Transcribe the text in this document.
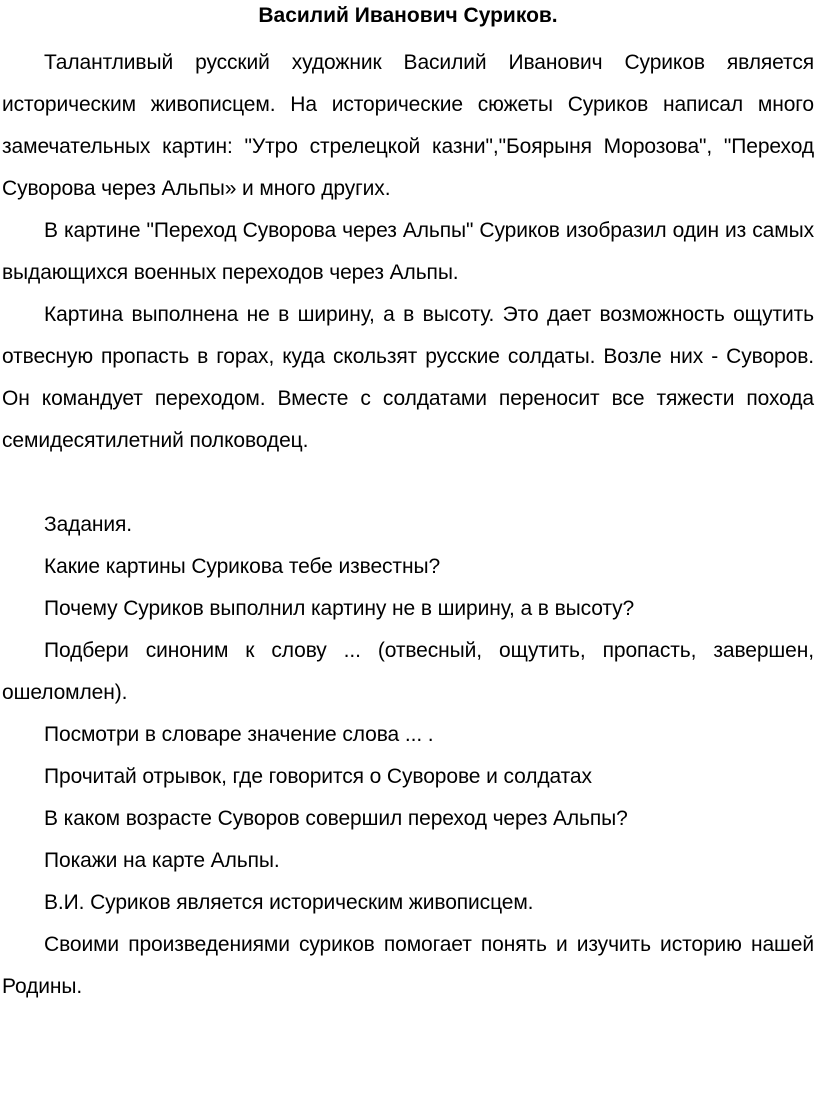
Василий Иванович Суриков.

Талантливый русский художник Василий Иванович Суриков является историческим живописцем. На исторические сюжеты Суриков написал много замечательных картин: "Утро стрелецкой казни","Боярыня Морозова", "Переход Суворова через Альпы» и много других.

В картине "Переход Суворова через Альпы" Суриков изобразил один из самых выдающихся военных переходов через Альпы.

Картина выполнена не в ширину, а в высоту. Это дает возможность ощутить отвесную пропасть в горах, куда скользят русские солдаты. Возле них - Суворов. Он командует переходом. Вместе с солдатами переносит все тяжести похода семидесятилетний полководец.

Задания.

Какие картины Сурикова тебе известны?

Почему Суриков выполнил картину не в ширину, а в высоту?

Подбери синоним к слову ... (отвесный, ощутить, пропасть, завершен, ошеломлен).

Посмотри в словаре значение слова ... .

Прочитай отрывок, где говорится о Суворове и солдатах

В каком возрасте Суворов совершил переход через Альпы?

Покажи на карте Альпы.

В.И. Суриков является историческим живописцем.

Своими произведениями суриков помогает понять и изучить историю нашей Родины.
